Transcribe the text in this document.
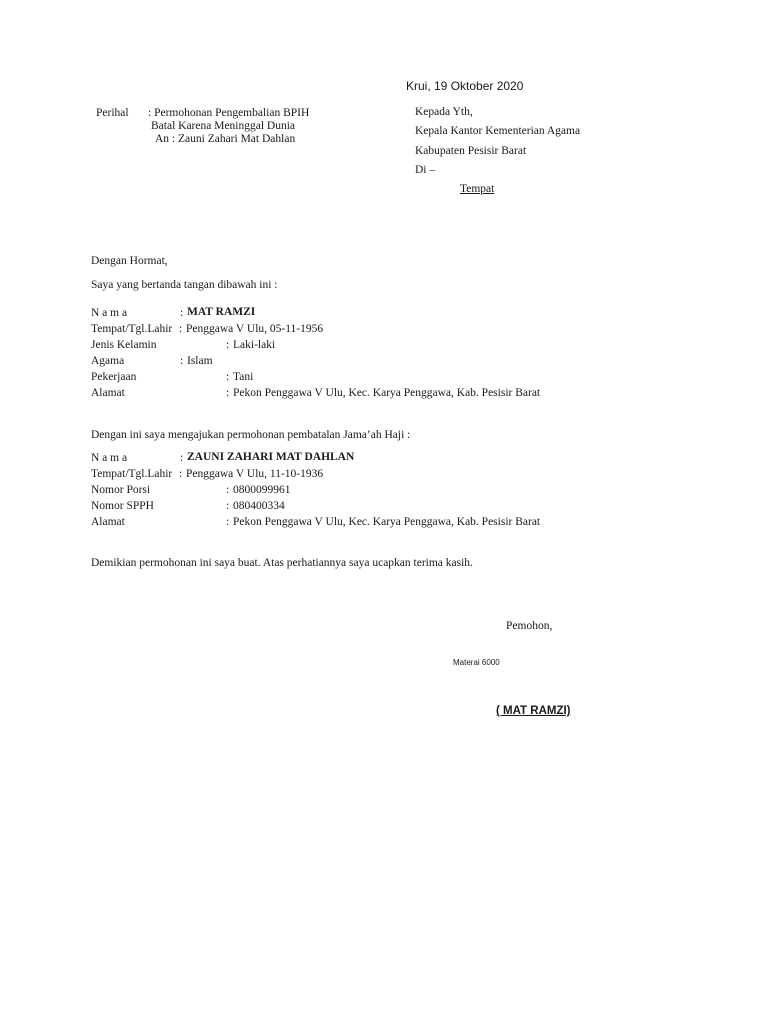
Krui, 19 Oktober 2020
Perihal : Permohonan Pengembalian BPIH
Batal Karena Meninggal Dunia
An : Zauni Zahari Mat Dahlan
Kepada Yth,
Kepala Kantor Kementerian Agama
Kabupaten Pesisir Barat
Di –
Tempat
Dengan Hormat,
Saya yang bertanda tangan dibawah ini :
N a m a	: MAT RAMZI
Tempat/Tgl.Lahir : Penggawa V Ulu, 05-11-1956
Jenis Kelamin	: Laki-laki
Agama	: Islam
Pekerjaan	: Tani
Alamat	: Pekon Penggawa V Ulu, Kec. Karya Penggawa, Kab. Pesisir Barat
Dengan ini saya mengajukan permohonan pembatalan Jama’ah Haji :
N a m a	: ZAUNI ZAHARI MAT DAHLAN
Tempat/Tgl.Lahir : Penggawa V Ulu, 11-10-1936
Nomor Porsi	: 0800099961
Nomor SPPH	: 080400334
Alamat	: Pekon Penggawa V Ulu, Kec. Karya Penggawa, Kab. Pesisir Barat
Demikian permohonan ini saya buat. Atas perhatiannya saya ucapkan terima kasih.
Pemohon,
Materai 6000
( MAT RAMZI)
